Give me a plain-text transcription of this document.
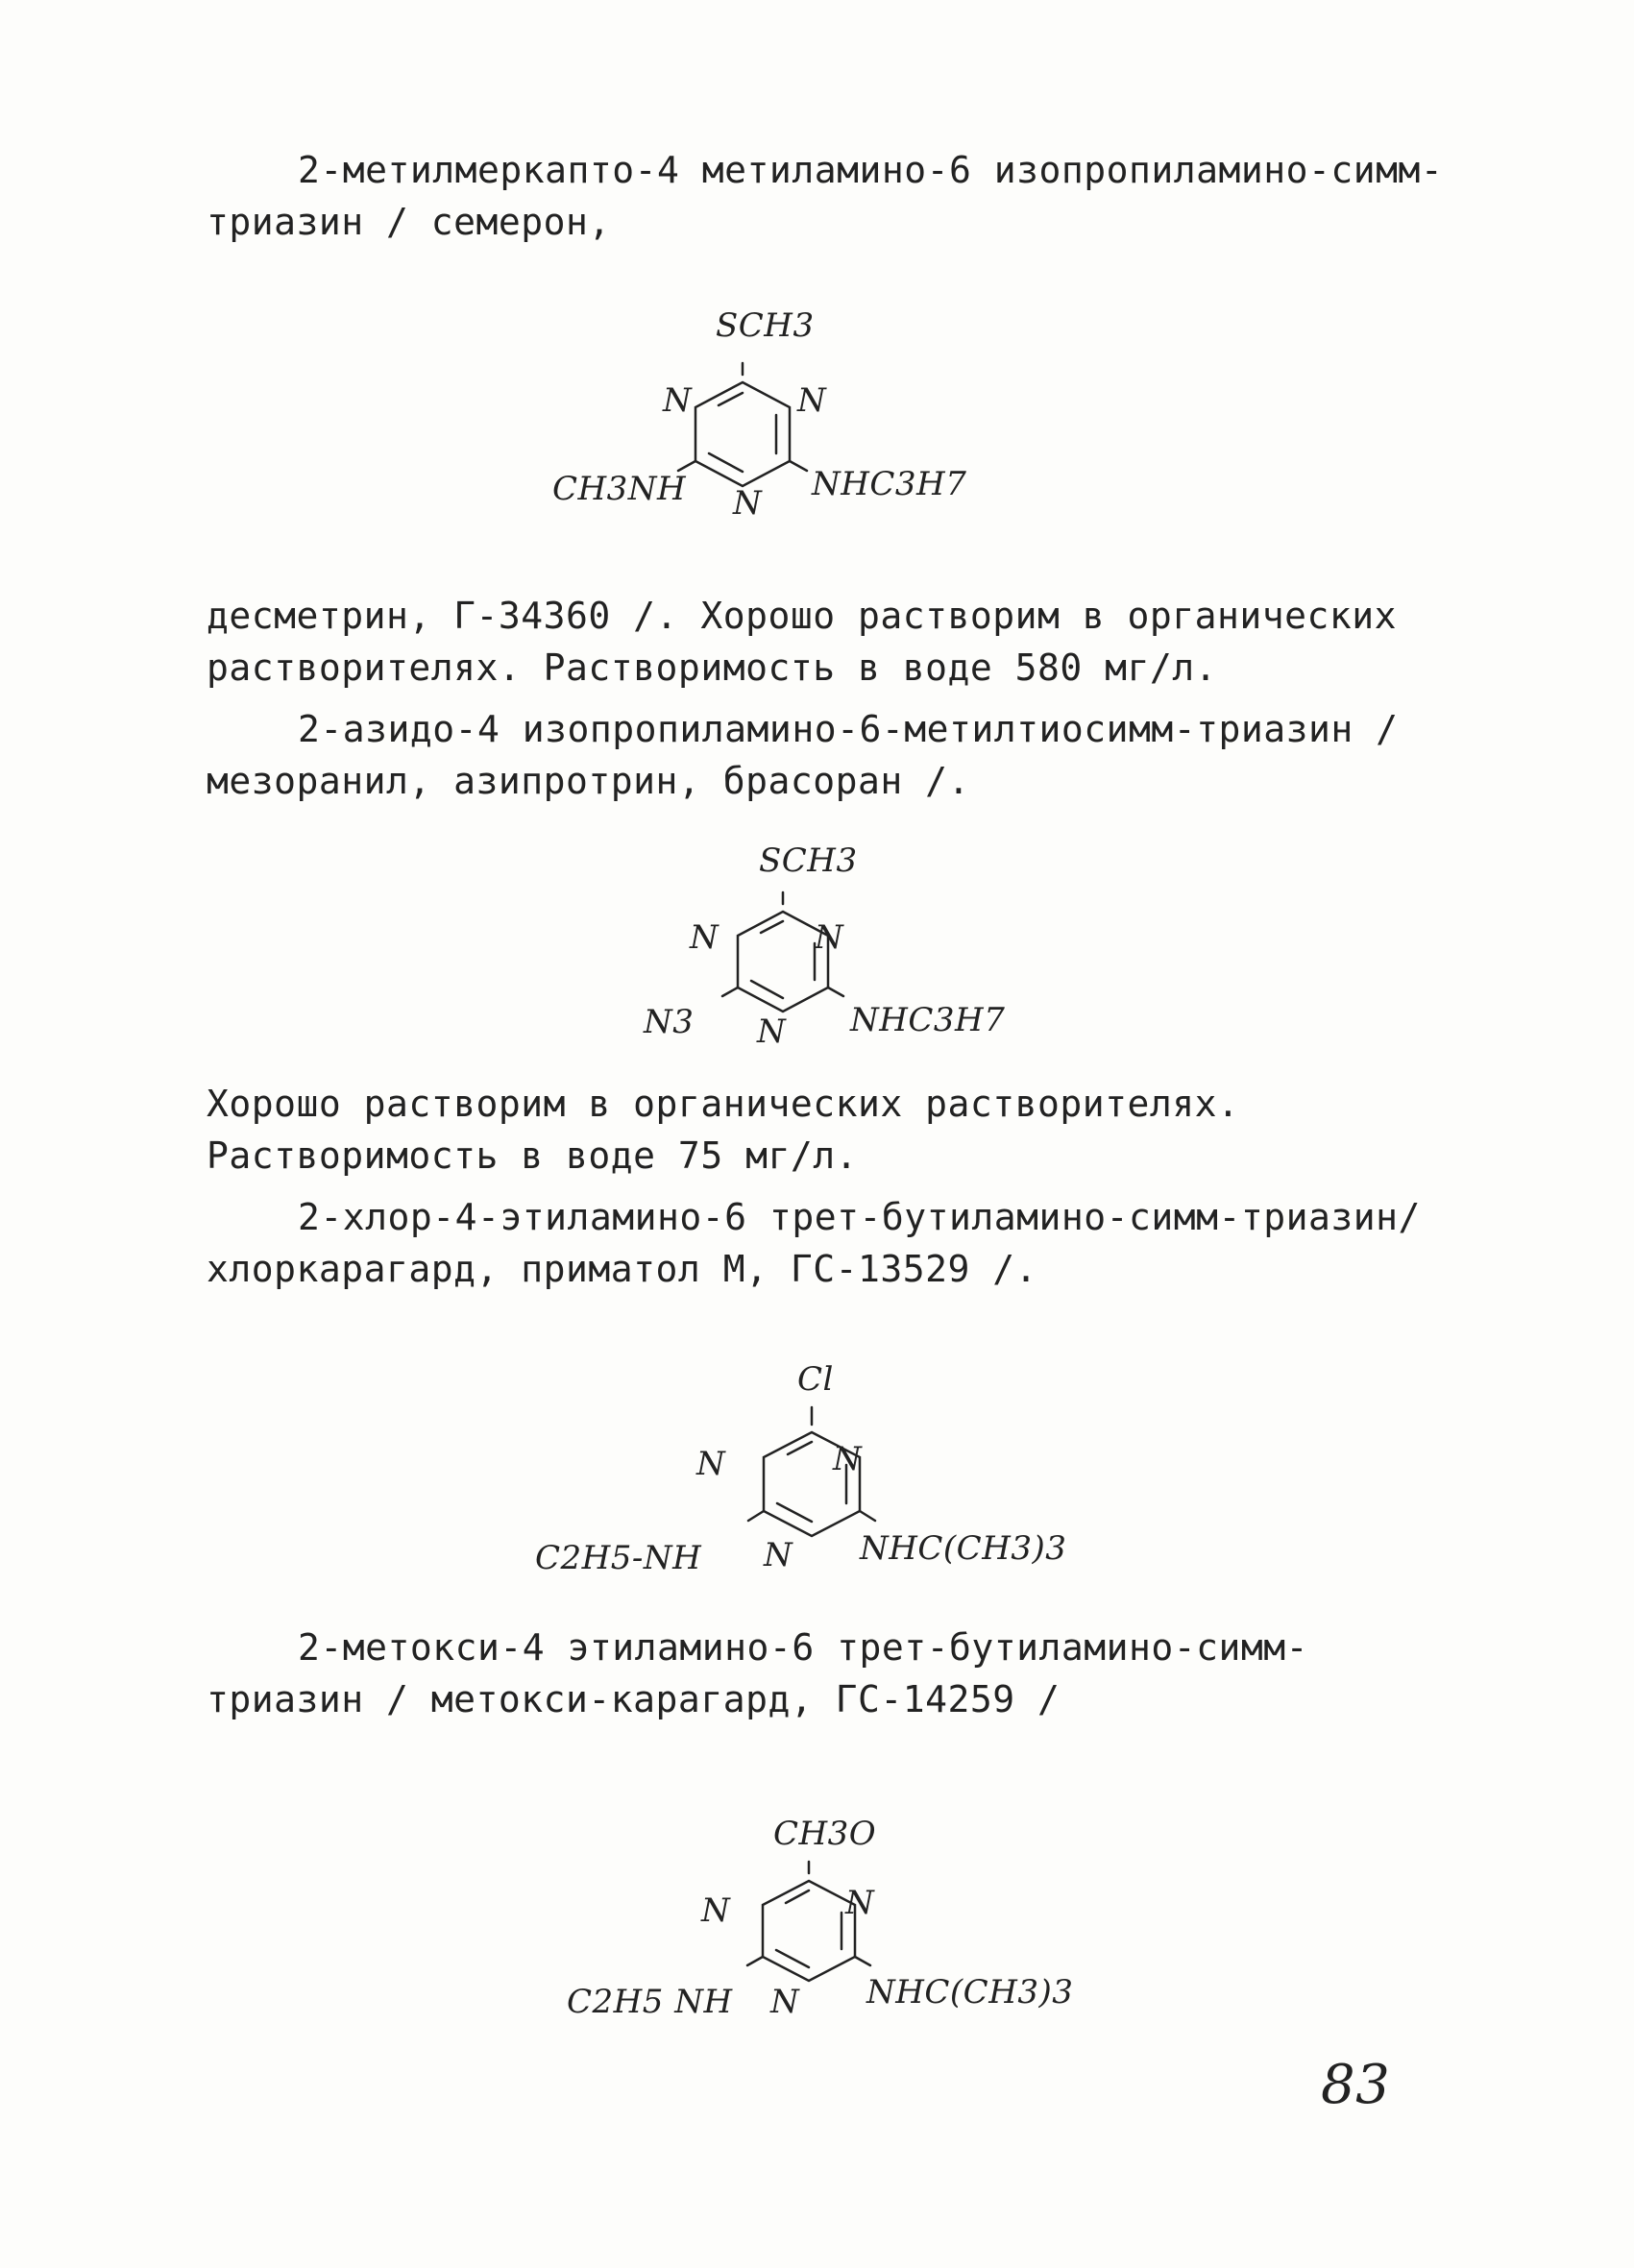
2-метилмеркапто-4 метиламино-6 изопропиламино-симм-триазин / семерон,

SCH3
N	N
N
CH3NH	NHC3H7

десметрин, Г-34360 /. Хорошо растворим в органических растворителях. Растворимость в воде 580 мг/л.

2-азидо-4 изопропиламино-6-метилтиосимм-триазин / мезоранил, азипротрин, брасоран /.

SCH3
N	N
N
N3	NHC3H7

Хорошо растворим в органических растворителях. Растворимость в воде 75 мг/л.

2-хлор-4-этиламино-6 трет-бутиламино-симм-триазин/хлоркарагард, приматол М, ГС-13529 /.

Cl
N	N
N
C2H5-NH	NHC(CH3)3

2-метокси-4 этиламино-6 трет-бутиламино-симм-триазин / метокси-карагард, ГС-14259 /

CH3O
N	N
N
C2H5 NH	NHC(CH3)3
83
